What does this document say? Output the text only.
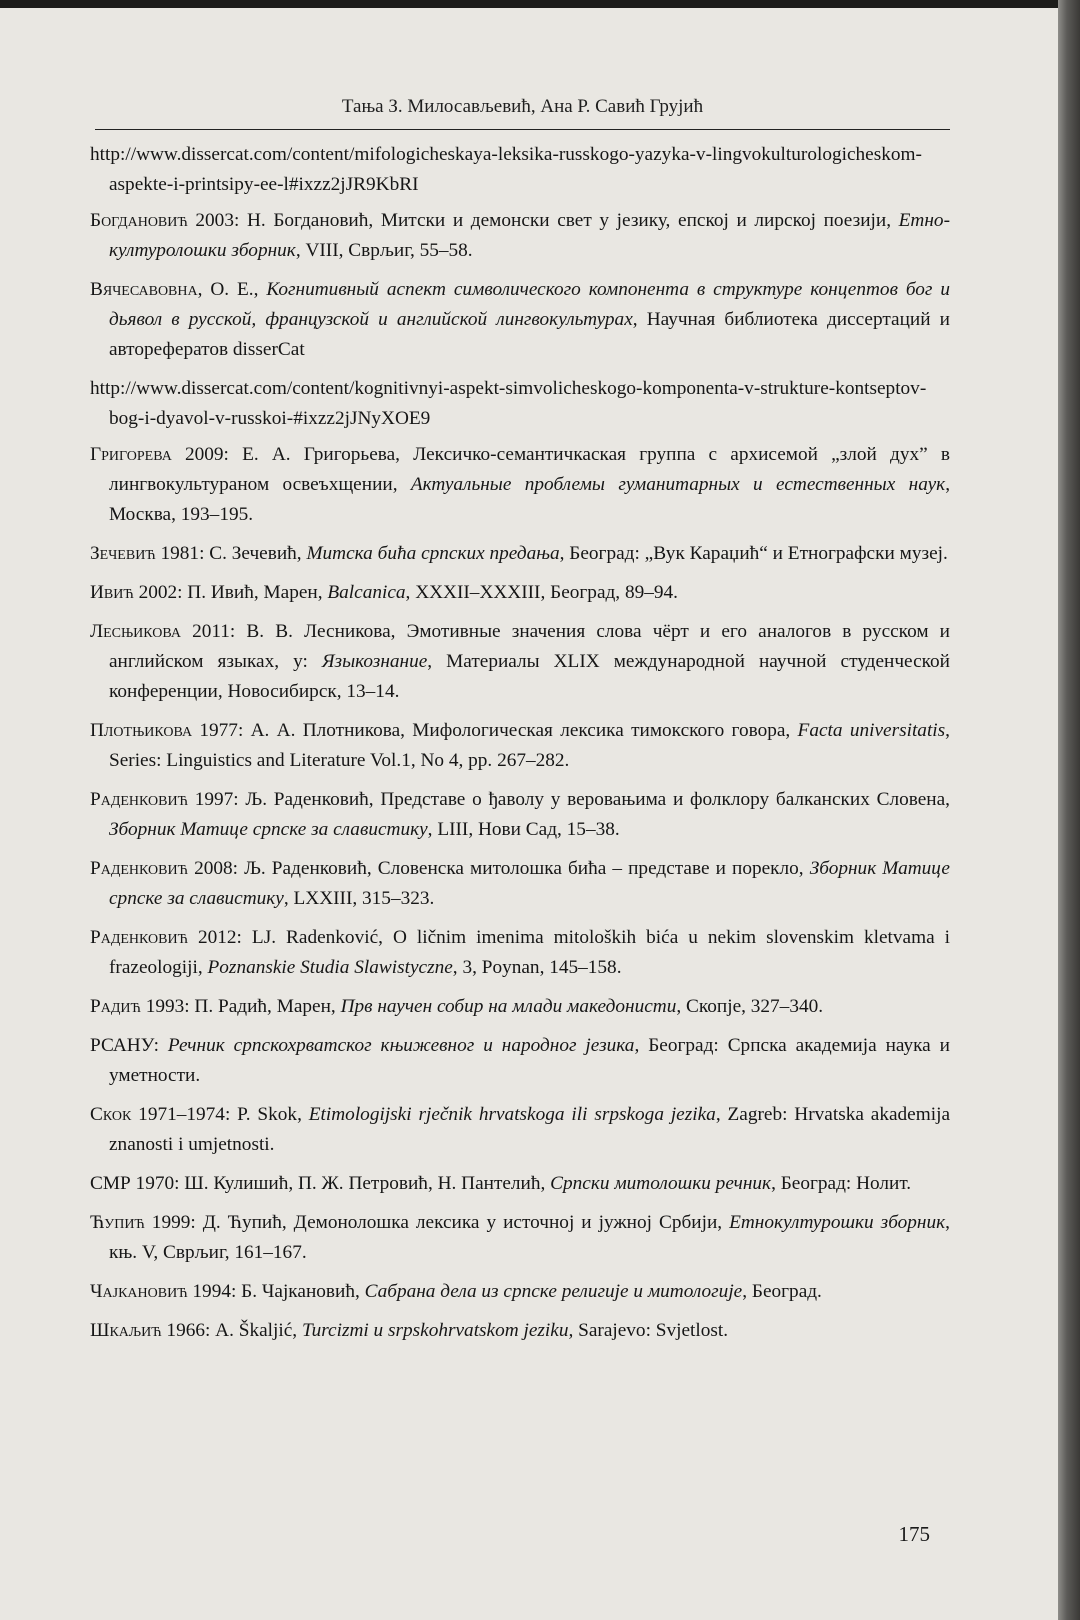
Тања З. Милосављевић, Ана Р. Савић Грујић
http://www.dissercat.com/content/mifologicheskaya-leksika-russkogo-yazyka-v-lingvokulturologicheskom-aspekte-i-printsipy-ee-l#ixzz2jJR9KbRI
Богдановић 2003: Н. Богдановић, Митски и демонски свет у језику, епској и лирској поезији, Етно-културолошки зборник, VIII, Сврљиг, 55–58.
Вячесавовна, О. Е., Когнитивный аспект символического компонента в структуре концептов бог и дьявол в русской, французской и английской лингвокультурах, Научная библиотека диссертаций и авторефератов disserCat
http://www.dissercat.com/content/kognitivnyi-aspekt-simvolicheskogo-komponenta-v-strukture-kontseptov-bog-i-dyavol-v-russkoi-#ixzz2jJNyXOE9
Григорева 2009: Е. А. Григорьева, Лексичко-семантичкаская группа с архисемой „злой дух” в лингвокультураном освеъхщении, Актуальные проблемы гуманитарных и естественных наук, Москва, 193–195.
Зечевић 1981: С. Зечевић, Митска бића српских предања, Београд: „Вук Караџић“ и Етнографски музеј.
Ивић 2002: П. Ивић, Марен, Balcanica, XXXII–XXXIII, Београд, 89–94.
Лесњикова 2011: В. В. Лесникова, Эмотивные значения слова чёрт и его аналогов в русском и английском языках, у: Языкознание, Материалы XLIX международной научной студенческой конференции, Новосибирск, 13–14.
Плотњикова 1977: А. А. Плотникова, Мифологическая лексика тимокского говора, Facta universitatis, Series: Linguistics and Literature Vol.1, No 4, pp. 267–282.
Раденковић 1997: Љ. Раденковић, Представе о ђаволу у веровањима и фолклору балканских Словена, Зборник Матице српске за славистику, LIII, Нови Сад, 15–38.
Раденковић 2008: Љ. Раденковић, Словенска митолошка бића – представе и порекло, Зборник Матице српске за славистику, LXXIII, 315–323.
Раденковић 2012: LJ. Radenković, O ličnim imenima mitoloških bića u nekim slovenskim kletvama i frazeologiji, Poznanskie Studia Slawistyczne, 3, Poynan, 145–158.
Радић 1993: П. Радић, Марен, Прв научен собир на млади македонисти, Скопје, 327–340.
РСАНУ: Речник српскохрватског књижевног и народног језика, Београд: Српска академија наука и уметности.
Скок 1971–1974: P. Skok, Etimologijski rječnik hrvatskoga ili srpskoga jezika, Zagreb: Hrvatska akademija znanosti i umjetnosti.
СМР 1970: Ш. Кулишић, П. Ж. Петровић, Н. Пантелић, Српски митолошки речник, Београд: Нолит.
Ћупић 1999: Д. Ћупић, Демонолошка лексика у источној и јужној Србији, Етнокултурошки зборник, књ. V, Сврљиг, 161–167.
Чајкановић 1994: Б. Чајкановић, Сабрана дела из српске религије и митологије, Београд.
Шкаљић 1966: А. Škaljić, Turcizmi u srpskohrvatskom jeziku, Sarajevo: Svjetlost.
175
